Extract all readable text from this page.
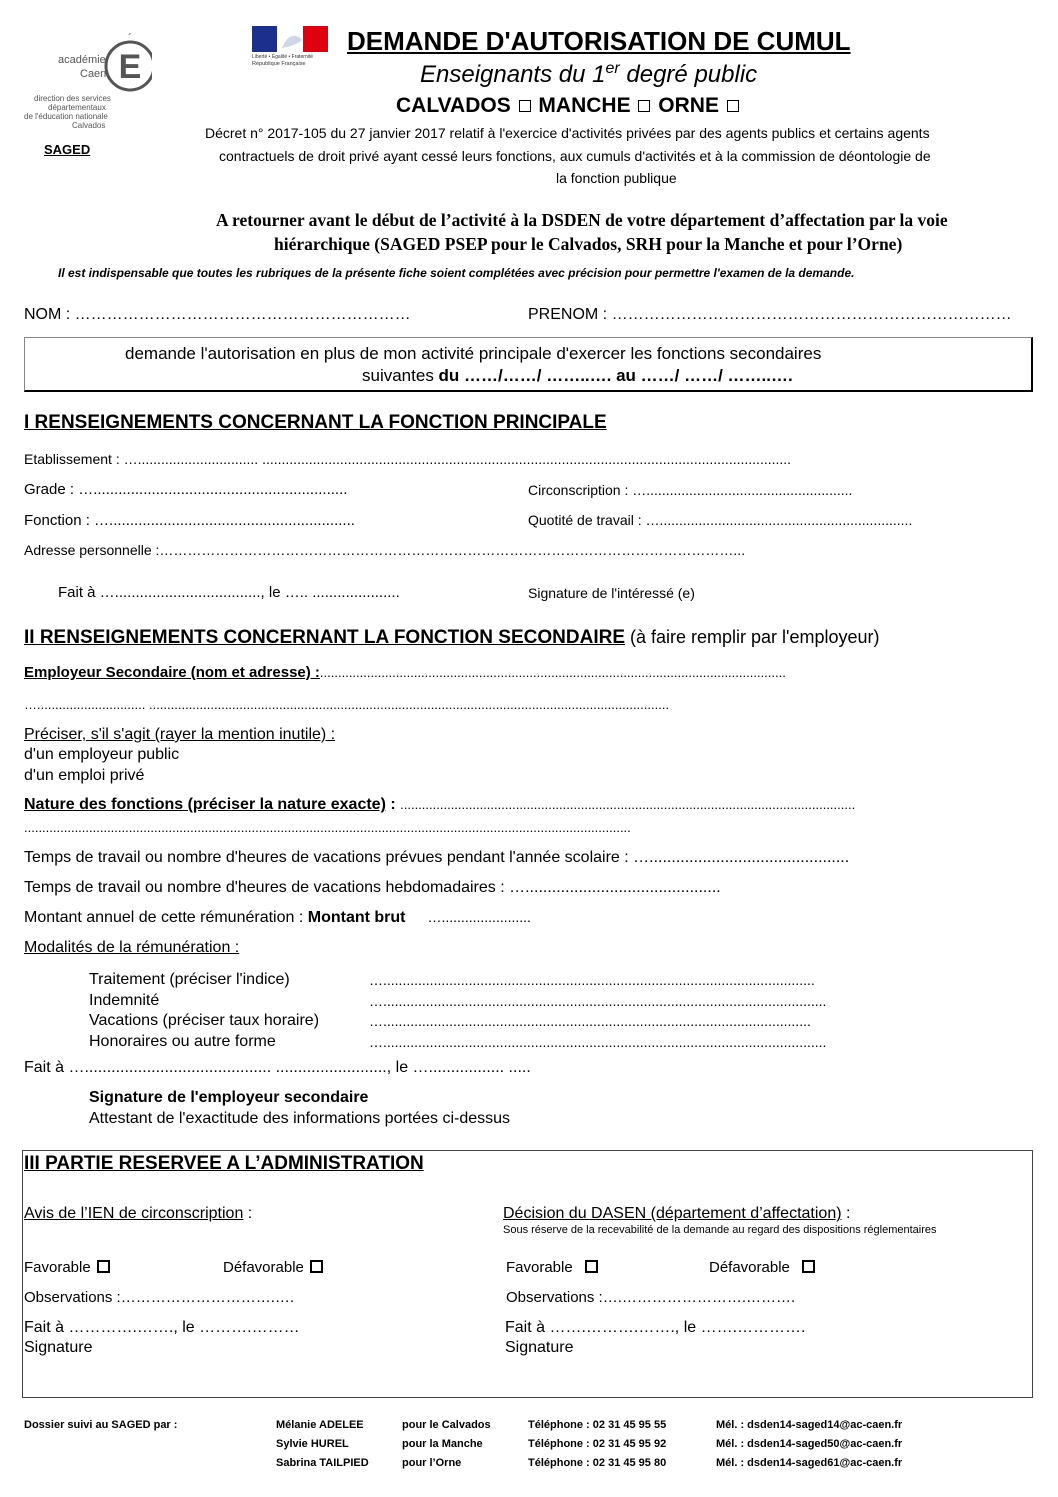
E
´
académie
Caen
direction des services
départementaux
de l'éducation nationale
Calvados
SAGED
Liberté • Égalité • Fraternité
République Française
DEMANDE D'AUTORISATION DE CUMUL
Enseignants du 1er degré public
CALVADOS MANCHE ORNE
Décret n° 2017-105 du 27 janvier 2017 relatif à l'exercice d'activités privées par des agents publics et certains agents
contractuels de droit privé ayant cessé leurs fonctions, aux cumuls d'activités et à la commission de déontologie de
la fonction publique
A retourner avant le début de l’activité à la DSDEN de votre département d’affectation par la voie
hiérarchique (SAGED PSEP pour le Calvados, SRH pour la Manche et pour l’Orne)
Il est indispensable que toutes les rubriques de la présente fiche soient complétées avec précision pour permettre l'examen de la demande.
NOM : ………………………………………………………	PRENOM : …………………………………………………………………
demande l'autorisation en plus de mon activité principale d'exercer les fonctions secondaires
suivantes du ……/……/ ……..…. au ……/ ……/ ……..….
I RENSEIGNEMENTS CONCERNANT LA FONCTION PRINCIPALE
Etablissement : …............................... ........................................................................................................................................
Grade : ….............................................................	Circonscription : ….....................................................
Fonction : …...........................................................	Quotité de travail : ….................................................................
Adresse personnelle :……………………………………………………………………………………………………………...
Fait à …..................................., le ….. .....................	Signature de l'intéressé (e)
II RENSEIGNEMENTS CONCERNANT LA FONCTION SECONDAIRE (à faire remplir par l'employeur)
Employeur Secondaire (nom et adresse) :.................................................................................................................................
….............................. ................................................................................................................................................
Préciser, s'il s'agit (rayer la mention inutile) :
d'un employeur public
d'un emploi privé
Nature des fonctions (préciser la nature exacte) : ..............................................................................................................................
........................................................................................................................................................................
Temps de travail ou nombre d'heures de vacations prévues pendant l'année scolaire : ….............................................
Temps de travail ou nombre d'heures de vacations hebdomadaires : …............................................
Montant annuel de cette rémunération : Montant brut ….......................
Modalités de la rémunération :
Traitement (préciser l'indice)	…...............................................................................................................
Indemnité	…..................................................................................................................
Vacations (préciser taux horaire)	…..............................................................................................................
Honoraires ou autre forme	…..................................................................................................................
Fait à ….......................................... ........................., le …................. .....
Signature de l'employeur secondaire
Attestant de l'exactitude des informations portées ci-dessus
III PARTIE RESERVEE A L’ADMINISTRATION
Avis de l’IEN de circonscription :	Décision du DASEN (département d’affectation) :
Sous réserve de la recevabilité de la demande au regard des dispositions réglementaires
Favorable	Défavorable	Favorable	Défavorable
Observations :………………………….….	Observations :….…………………….……….
Fait à ………….……., le ……….………	Fait à …….……….……., le …….………….
Signature	Signature
Dossier suivi au SAGED par :	Mélanie ADELEE	pour le Calvados	Téléphone : 02 31 45 95 55	Mél. : dsden14-saged14@ac-caen.fr
Sylvie HUREL	pour la Manche	Téléphone : 02 31 45 95 92	Mél. : dsden14-saged50@ac-caen.fr
Sabrina TAILPIED	pour l’Orne	Téléphone : 02 31 45 95 80	Mél. : dsden14-saged61@ac-caen.fr
